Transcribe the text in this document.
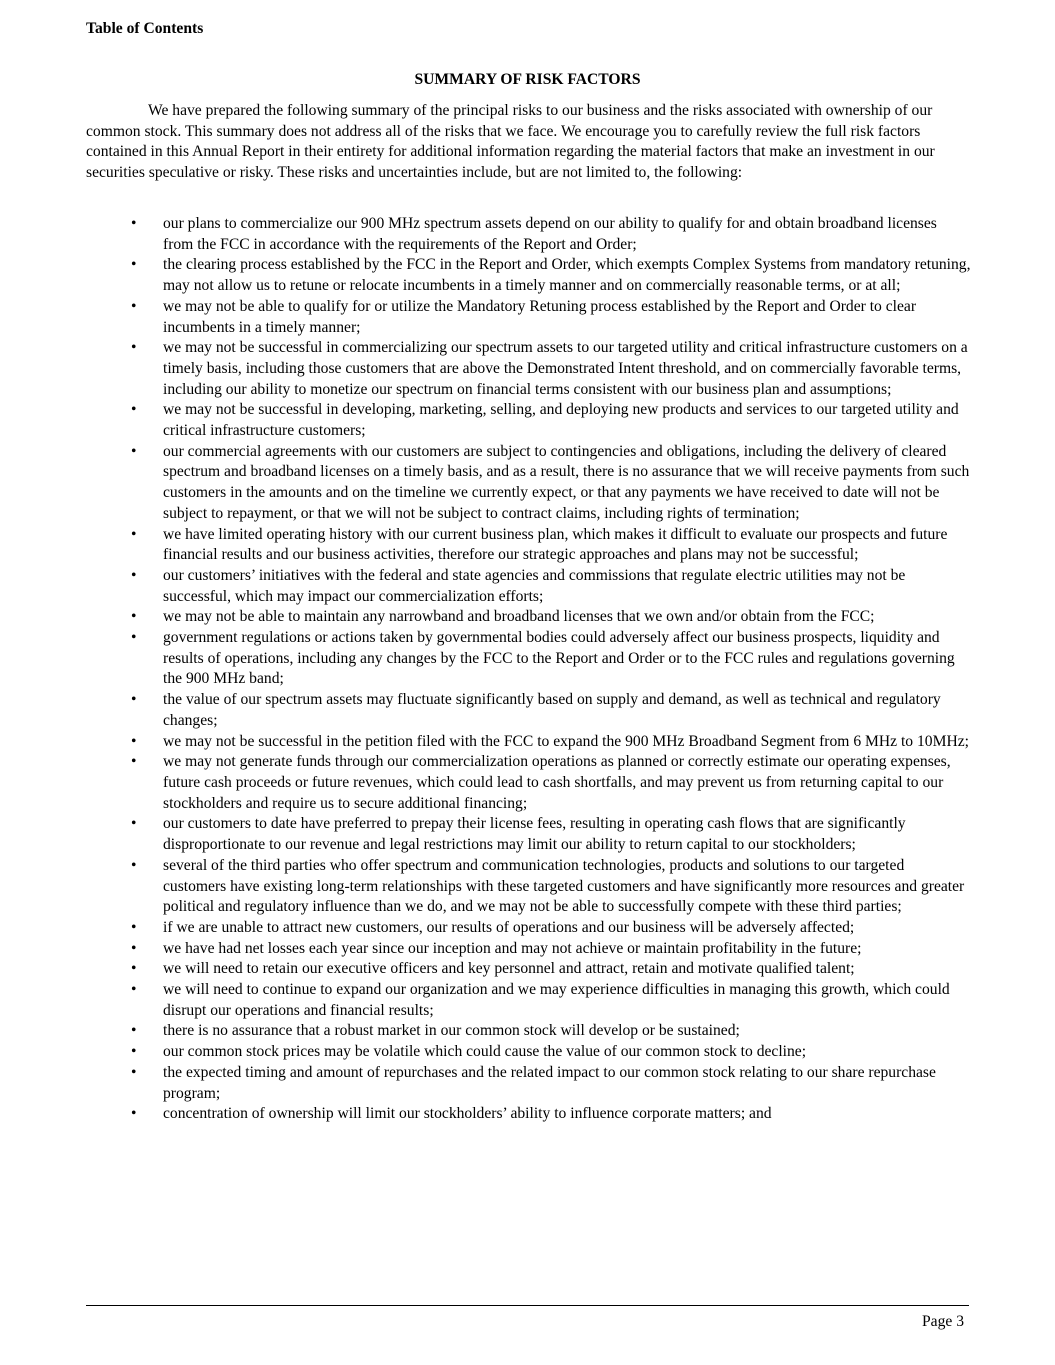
Table of Contents
SUMMARY OF RISK FACTORS

We have prepared the following summary of the principal risks to our business and the risks associated with ownership of our common stock. This summary does not address all of the risks that we face. We encourage you to carefully review the full risk factors contained in this Annual Report in their entirety for additional information regarding the material factors that make an investment in our securities speculative or risky. These risks and uncertainties include, but are not limited to, the following:

• our plans to commercialize our 900 MHz spectrum assets depend on our ability to qualify for and obtain broadband licenses from the FCC in accordance with the requirements of the Report and Order;
• the clearing process established by the FCC in the Report and Order, which exempts Complex Systems from mandatory retuning, may not allow us to retune or relocate incumbents in a timely manner and on commercially reasonable terms, or at all;
• we may not be able to qualify for or utilize the Mandatory Retuning process established by the Report and Order to clear incumbents in a timely manner;
• we may not be successful in commercializing our spectrum assets to our targeted utility and critical infrastructure customers on a timely basis, including those customers that are above the Demonstrated Intent threshold, and on commercially favorable terms, including our ability to monetize our spectrum on financial terms consistent with our business plan and assumptions;
• we may not be successful in developing, marketing, selling, and deploying new products and services to our targeted utility and critical infrastructure customers;
• our commercial agreements with our customers are subject to contingencies and obligations, including the delivery of cleared spectrum and broadband licenses on a timely basis, and as a result, there is no assurance that we will receive payments from such customers in the amounts and on the timeline we currently expect, or that any payments we have received to date will not be subject to repayment, or that we will not be subject to contract claims, including rights of termination;
• we have limited operating history with our current business plan, which makes it difficult to evaluate our prospects and future financial results and our business activities, therefore our strategic approaches and plans may not be successful;
• our customers’ initiatives with the federal and state agencies and commissions that regulate electric utilities may not be successful, which may impact our commercialization efforts;
• we may not be able to maintain any narrowband and broadband licenses that we own and/or obtain from the FCC;
• government regulations or actions taken by governmental bodies could adversely affect our business prospects, liquidity and results of operations, including any changes by the FCC to the Report and Order or to the FCC rules and regulations governing the 900 MHz band;
• the value of our spectrum assets may fluctuate significantly based on supply and demand, as well as technical and regulatory changes;
• we may not be successful in the petition filed with the FCC to expand the 900 MHz Broadband Segment from 6 MHz to 10MHz;
• we may not generate funds through our commercialization operations as planned or correctly estimate our operating expenses, future cash proceeds or future revenues, which could lead to cash shortfalls, and may prevent us from returning capital to our stockholders and require us to secure additional financing;
• our customers to date have preferred to prepay their license fees, resulting in operating cash flows that are significantly disproportionate to our revenue and legal restrictions may limit our ability to return capital to our stockholders;
• several of the third parties who offer spectrum and communication technologies, products and solutions to our targeted customers have existing long-term relationships with these targeted customers and have significantly more resources and greater political and regulatory influence than we do, and we may not be able to successfully compete with these third parties;
• if we are unable to attract new customers, our results of operations and our business will be adversely affected;
• we have had net losses each year since our inception and may not achieve or maintain profitability in the future;
• we will need to retain our executive officers and key personnel and attract, retain and motivate qualified talent;
• we will need to continue to expand our organization and we may experience difficulties in managing this growth, which could disrupt our operations and financial results;
• there is no assurance that a robust market in our common stock will develop or be sustained;
• our common stock prices may be volatile which could cause the value of our common stock to decline;
• the expected timing and amount of repurchases and the related impact to our common stock relating to our share repurchase program;
• concentration of ownership will limit our stockholders’ ability to influence corporate matters; and
Page 3
